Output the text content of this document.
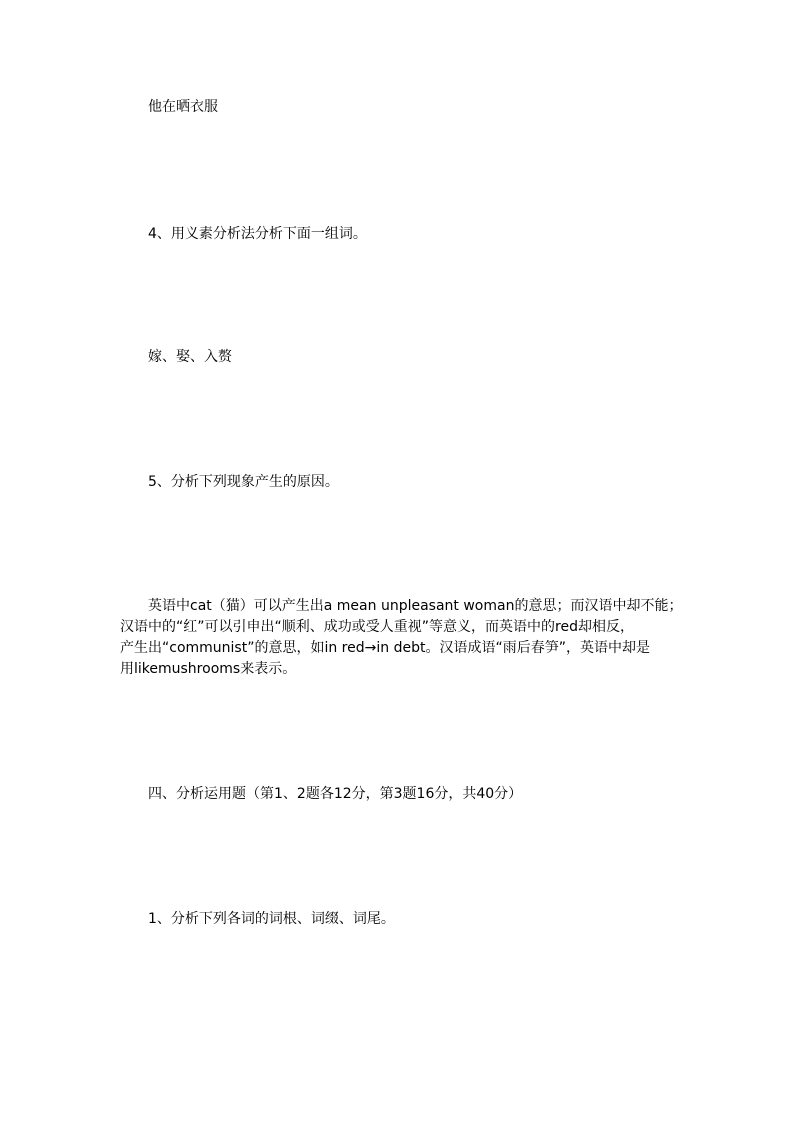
他在晒衣服
4、用义素分析法分析下面一组词。
嫁、娶、入赘
5、分析下列现象产生的原因。
英语中cat（猫）可以产生出a mean unpleasant woman的意思；而汉语中却不能；
汉语中的“红”可以引申出“顺利、成功或受人重视”等意义，而英语中的red却相反，
产生出“communist”的意思，如in red→in debt。汉语成语“雨后春笋”，英语中却是
用likemushrooms来表示。
四、分析运用题（第1、2题各12分，第3题16分，共40分）
1、分析下列各词的词根、词缀、词尾。
